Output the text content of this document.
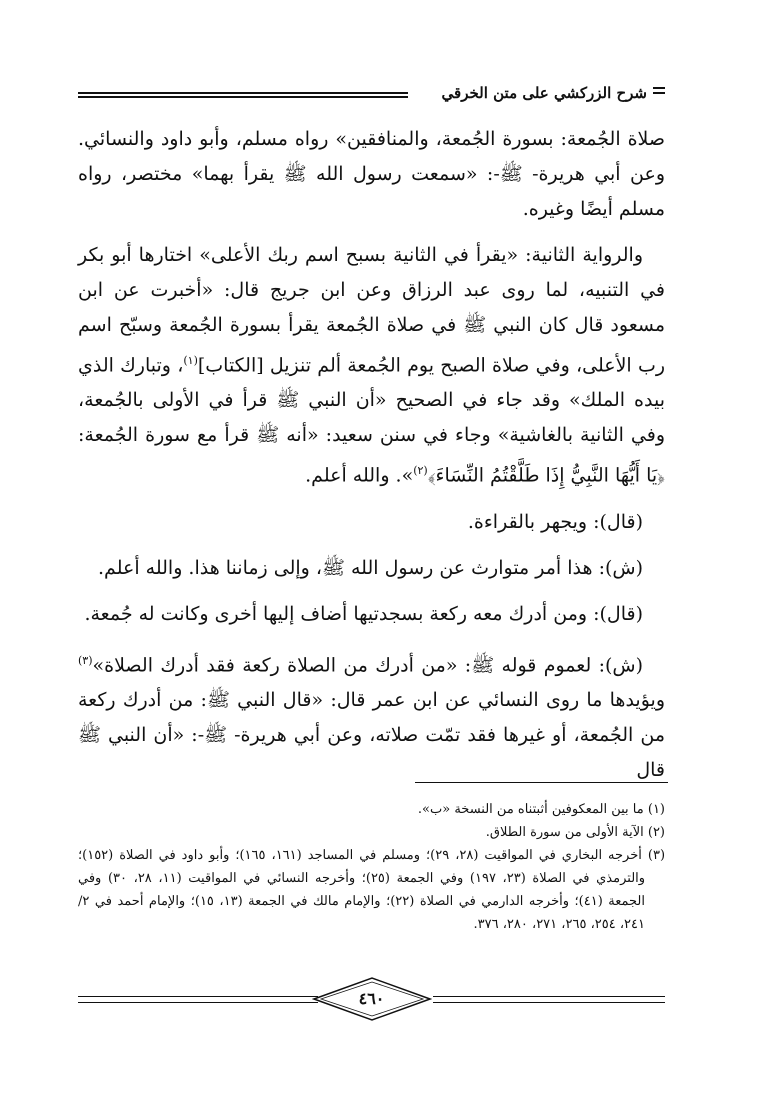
شرح الزركشي على متن الخرقي

صلاة الجُمعة: بسورة الجُمعة، والمنافقين» رواه مسلم، وأبو داود والنسائي. وعن أبي هريرة- ﷺ-: «سمعت رسول الله ﷺ يقرأ بهما» مختصر، رواه مسلم أيضًا وغيره.

والرواية الثانية: «يقرأ في الثانية بسبح اسم ربك الأعلى» اختارها أبو بكر في التنبيه، لما روى عبد الرزاق وعن ابن جريج قال: «أخبرت عن ابن مسعود قال كان النبي ﷺ في صلاة الجُمعة يقرأ بسورة الجُمعة وسبّح اسم رب الأعلى، وفي صلاة الصبح يوم الجُمعة ألم تنزيل [الكتاب]$^{(١)}$، وتبارك الذي بيده الملك» وقد جاء في الصحيح «أن النبي ﷺ قرأ في الأولى بالجُمعة، وفي الثانية بالغاشية» وجاء في سنن سعيد: «أنه ﷺ قرأ مع سورة الجُمعة: ﴿يَا أَيُّهَا النَّبِيُّ إِذَا طَلَّقْتُمُ النِّسَاءَ﴾$^{(٢)}$». والله أعلم.

(قال): ويجهر بالقراءة.

(ش): هذا أمر متوارث عن رسول الله ﷺ، وإلى زماننا هذا. والله أعلم.

(قال): ومن أدرك معه ركعة بسجدتيها أضاف إليها أخرى وكانت له جُمعة.

(ش): لعموم قوله ﷺ: «من أدرك من الصلاة ركعة فقد أدرك الصلاة»$^{(٣)}$ ويؤيدها ما روى النسائي عن ابن عمر قال: «قال النبي ﷺ: من أدرك ركعة من الجُمعة، أو غيرها فقد تمّت صلاته، وعن أبي هريرة- ﷺ-: «أن النبي ﷺ قال

(١) ما بين المعكوفين أثبتناه من النسخة «ب».

(٢) الآية الأولى من سورة الطلاق.

(٣) أخرجه البخاري في المواقيت (٢٨، ٢٩)؛ ومسلم في المساجد (١٦١، ١٦٥)؛ وأبو داود في الصلاة (١٥٢)؛ والترمذي في الصلاة (٢٣، ١٩٧) وفي الجمعة (٢٥)؛ وأخرجه النسائي في المواقيت (١١، ٢٨، ٣٠) وفي الجمعة (٤١)؛ وأخرجه الدارمي في الصلاة (٢٢)؛ والإمام مالك في الجمعة (١٣، ١٥)؛ والإمام أحمد في ٢/ ٢٤١، ٢٥٤، ٢٦٥، ٢٧١، ٢٨٠، ٣٧٦.

٤٦٠
